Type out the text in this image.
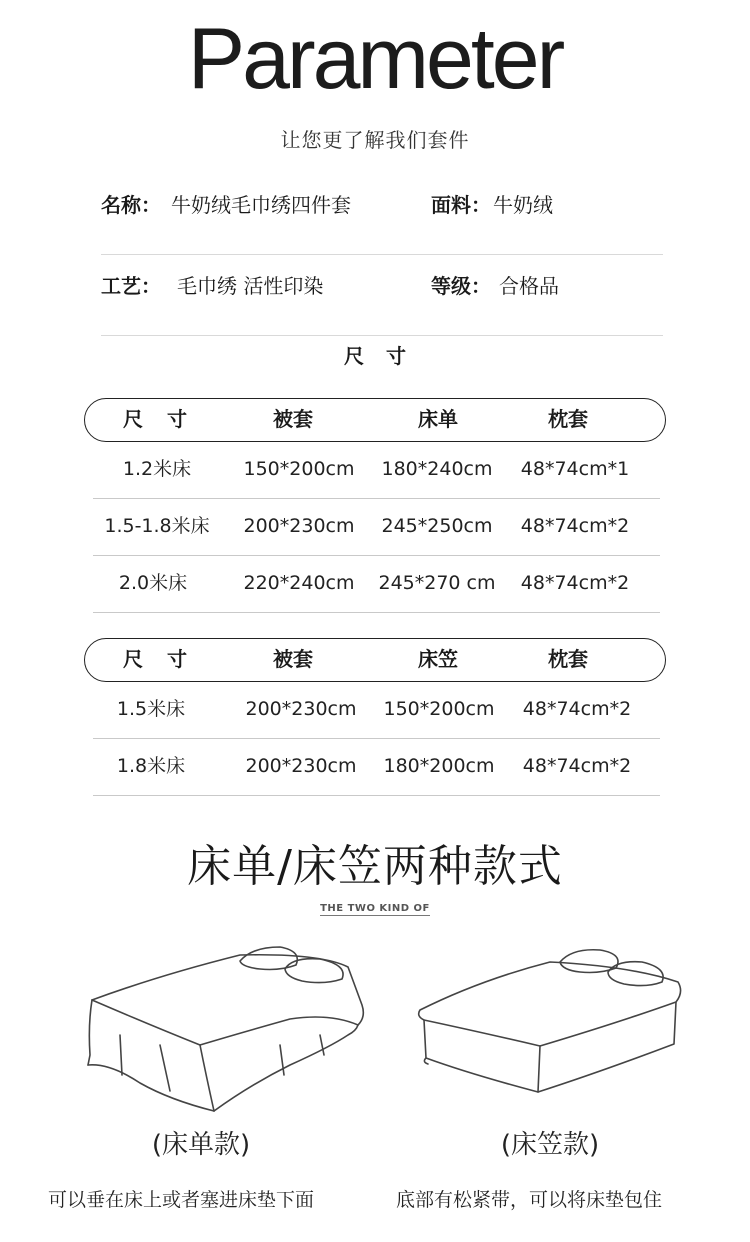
Parameter
让您更了解我们套件
名称： 牛奶绒毛巾绣四件套	面料： 牛奶绒
工艺： 毛巾绣 活性印染	等级： 合格品
尺寸
尺寸	被套	床单	枕套
1.2米床	150*200cm 180*240cm 48*74cm*1
1.5-1.8米床 200*230cm 245*250cm 48*74cm*2
2.0米床	220*240cm 245*270 cm 48*74cm*2
尺寸	被套	床笠	枕套
1.5米床	200*230cm 150*200cm 48*74cm*2
1.8米床	200*230cm 180*200cm 48*74cm*2
床单/床笠两种款式
THE TWO KIND OF
(床单款)
可以垂在床上或者塞进床垫下面
(床笠款)
底部有松紧带，可以将床垫包住
